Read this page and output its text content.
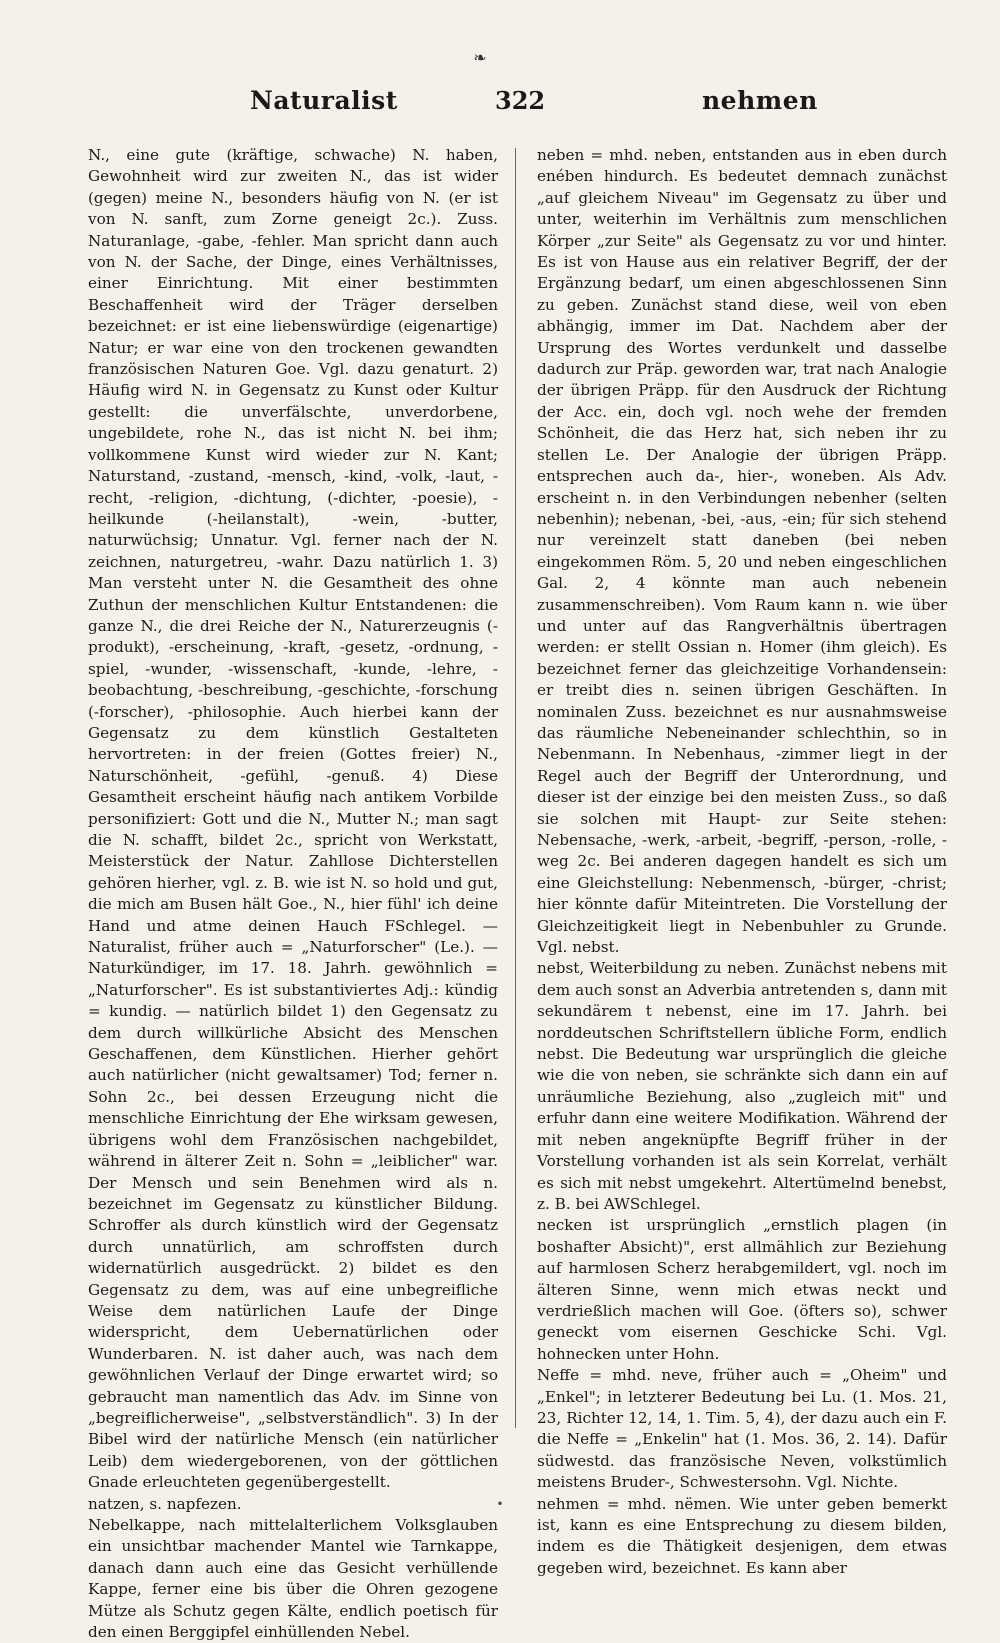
❧
Naturalist	322	nehmen

N., eine gute (kräftige, schwache) N. haben, Gewohnheit wird zur zweiten N., das ist wider (gegen) meine N., besonders häufig von N. (er ist von N. sanft, zum Zorne geneigt 2c.). Zuss. Naturanlage, -gabe, -fehler. Man spricht dann auch von N. der Sache, der Dinge, eines Verhältnisses, einer Einrichtung. Mit einer bestimmten Beschaffenheit wird der Träger derselben bezeichnet: er ist eine liebenswürdige (eigenartige) Natur; er war eine von den trockenen gewandten französischen Naturen Goe. Vgl. dazu genaturt. 2) Häufig wird N. in Gegensatz zu Kunst oder Kultur gestellt: die unverfälschte, unverdorbene, ungebildete, rohe N., das ist nicht N. bei ihm; vollkommene Kunst wird wieder zur N. Kant; Naturstand, -zustand, -mensch, -kind, -volk, -laut, -recht, -religion, -dichtung, (-dichter, -poesie), -heilkunde (-heilanstalt), -wein, -butter, naturwüchsig; Unnatur. Vgl. ferner nach der N. zeichnen, naturgetreu, -wahr. Dazu natürlich 1. 3) Man versteht unter N. die Gesamtheit des ohne Zuthun der menschlichen Kultur Entstandenen: die ganze N., die drei Reiche der N., Naturerzeugnis (-produkt), -erscheinung, -kraft, -gesetz, -ordnung, -spiel, -wunder, -wissenschaft, -kunde, -lehre, -beobachtung, -beschreibung, -geschichte, -forschung (-forscher), -philosophie. Auch hierbei kann der Gegensatz zu dem künstlich Gestalteten hervortreten: in der freien (Gottes freier) N., Naturschönheit, -gefühl, -genuß. 4) Diese Gesamtheit erscheint häufig nach antikem Vorbilde personifiziert: Gott und die N., Mutter N.; man sagt die N. schafft, bildet 2c., spricht von Werkstatt, Meisterstück der Natur. Zahllose Dichterstellen gehören hierher, vgl. z. B. wie ist N. so hold und gut, die mich am Busen hält Goe., N., hier fühl' ich deine Hand und atme deinen Hauch FSchlegel. — Naturalist, früher auch = „Naturforscher" (Le.). — Naturkündiger, im 17. 18. Jahrh. gewöhnlich = „Naturforscher". Es ist substantiviertes Adj.: kündig = kundig. — natürlich bildet 1) den Gegensatz zu dem durch willkürliche Absicht des Menschen Geschaffenen, dem Künstlichen. Hierher gehört auch natürlicher (nicht gewaltsamer) Tod; ferner n. Sohn 2c., bei dessen Erzeugung nicht die menschliche Einrichtung der Ehe wirksam gewesen, übrigens wohl dem Französischen nachgebildet, während in älterer Zeit n. Sohn = „leiblicher" war. Der Mensch und sein Benehmen wird als n. bezeichnet im Gegensatz zu künstlicher Bildung. Schroffer als durch künstlich wird der Gegensatz durch unnatürlich, am schroffsten durch widernatürlich ausgedrückt. 2) bildet es den Gegensatz zu dem, was auf eine unbegreifliche Weise dem natürlichen Laufe der Dinge widerspricht, dem Uebernatürlichen oder Wunderbaren. N. ist daher auch, was nach dem gewöhnlichen Verlauf der Dinge erwartet wird; so gebraucht man namentlich das Adv. im Sinne von „begreiflicherweise", „selbstverständlich". 3) In der Bibel wird der natürliche Mensch (ein natürlicher Leib) dem wiedergeborenen, von der göttlichen Gnade erleuchteten gegenübergestellt.

natzen, s. napfezen.

Nebelkappe, nach mittelalterlichem Volksglauben ein unsichtbar machender Mantel wie Tarnkappe, danach dann auch eine das Gesicht verhüllende Kappe, ferner eine bis über die Ohren gezogene Mütze als Schutz gegen Kälte, endlich poetisch für den einen Berggipfel einhüllenden Nebel.

neben = mhd. neben, entstanden aus in eben durch enében hindurch. Es bedeutet demnach zunächst „auf gleichem Niveau" im Gegensatz zu über und unter, weiterhin im Verhältnis zum menschlichen Körper „zur Seite" als Gegensatz zu vor und hinter. Es ist von Hause aus ein relativer Begriff, der der Ergänzung bedarf, um einen abgeschlossenen Sinn zu geben. Zunächst stand diese, weil von eben abhängig, immer im Dat. Nachdem aber der Ursprung des Wortes verdunkelt und dasselbe dadurch zur Präp. geworden war, trat nach Analogie der übrigen Präpp. für den Ausdruck der Richtung der Acc. ein, doch vgl. noch wehe der fremden Schönheit, die das Herz hat, sich neben ihr zu stellen Le. Der Analogie der übrigen Präpp. entsprechen auch da-, hier-, woneben. Als Adv. erscheint n. in den Verbindungen nebenher (selten nebenhin); nebenan, -bei, -aus, -ein; für sich stehend nur vereinzelt statt daneben (bei neben eingekommen Röm. 5, 20 und neben eingeschlichen Gal. 2, 4 könnte man auch nebenein zusammenschreiben). Vom Raum kann n. wie über und unter auf das Rangverhältnis übertragen werden: er stellt Ossian n. Homer (ihm gleich). Es bezeichnet ferner das gleichzeitige Vorhandensein: er treibt dies n. seinen übrigen Geschäften. In nominalen Zuss. bezeichnet es nur ausnahmsweise das räumliche Nebeneinander schlechthin, so in Nebenmann. In Nebenhaus, -zimmer liegt in der Regel auch der Begriff der Unterordnung, und dieser ist der einzige bei den meisten Zuss., so daß sie solchen mit Haupt- zur Seite stehen: Nebensache, -werk, -arbeit, -begriff, -person, -rolle, -weg 2c. Bei anderen dagegen handelt es sich um eine Gleichstellung: Nebenmensch, -bürger, -christ; hier könnte dafür Miteintreten. Die Vorstellung der Gleichzeitigkeit liegt in Nebenbuhler zu Grunde. Vgl. nebst.

nebst, Weiterbildung zu neben. Zunächst nebens mit dem auch sonst an Adverbia antretenden s, dann mit sekundärem t nebenst, eine im 17. Jahrh. bei norddeutschen Schriftstellern übliche Form, endlich nebst. Die Bedeutung war ursprünglich die gleiche wie die von neben, sie schränkte sich dann ein auf unräumliche Beziehung, also „zugleich mit" und erfuhr dann eine weitere Modifikation. Während der mit neben angeknüpfte Begriff früher in der Vorstellung vorhanden ist als sein Korrelat, verhält es sich mit nebst umgekehrt. Altertümelnd benebst, z. B. bei AWSchlegel.

necken ist ursprünglich „ernstlich plagen (in boshafter Absicht)", erst allmählich zur Beziehung auf harmlosen Scherz herabgemildert, vgl. noch im älteren Sinne, wenn mich etwas neckt und verdrießlich machen will Goe. (öfters so), schwer geneckt vom eisernen Geschicke Schi. Vgl. hohnecken unter Hohn.

Neffe = mhd. neve, früher auch = „Oheim" und „Enkel"; in letzterer Bedeutung bei Lu. (1. Mos. 21, 23, Richter 12, 14, 1. Tim. 5, 4), der dazu auch ein F. die Neffe = „Enkelin" hat (1. Mos. 36, 2. 14). Dafür südwestd. das französische Neven, volkstümlich meistens Bruder-, Schwestersohn. Vgl. Nichte.

nehmen = mhd. nëmen. Wie unter geben bemerkt ist, kann es eine Entsprechung zu diesem bilden, indem es die Thätigkeit desjenigen, dem etwas gegeben wird, bezeichnet. Es kann aber

•
